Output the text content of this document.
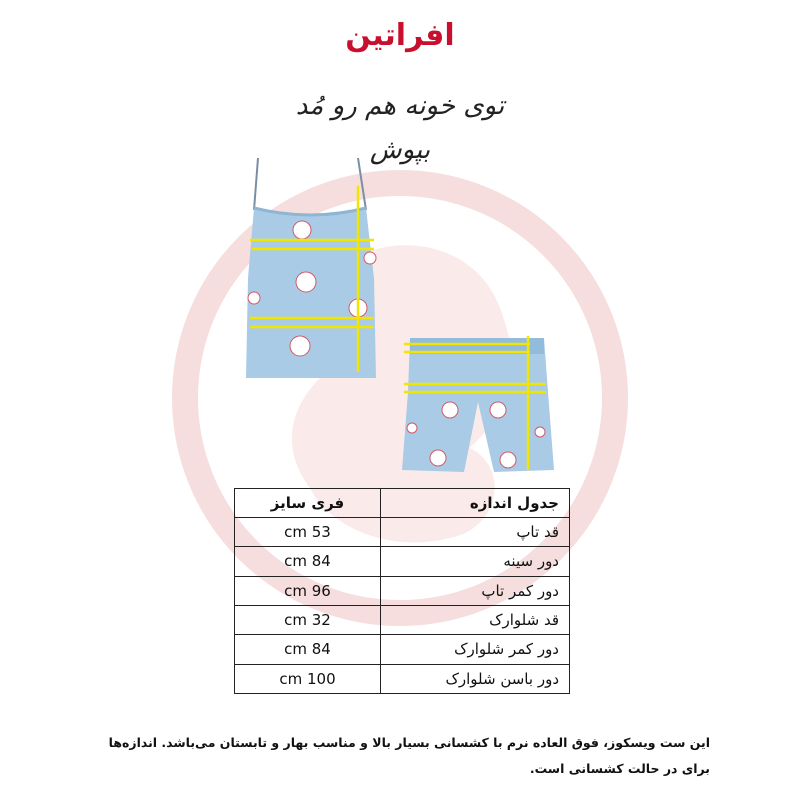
افراتین
توی خونه هم رو مُد بپوش
جدول اندازه	فری سایز
قد تاپ	53 cm
دور سینه	84 cm
دور کمر تاپ	96 cm
قد شلوارک	32 cm
دور کمر شلوارک	84 cm
دور باسن شلوارک	100 cm
این ست ویسکوز، فوق العاده نرم با کشسانی بسیار بالا و مناسب بهار و تابستان می‌باشد. اندازه‌ها برای در حالت کشسانی است.
